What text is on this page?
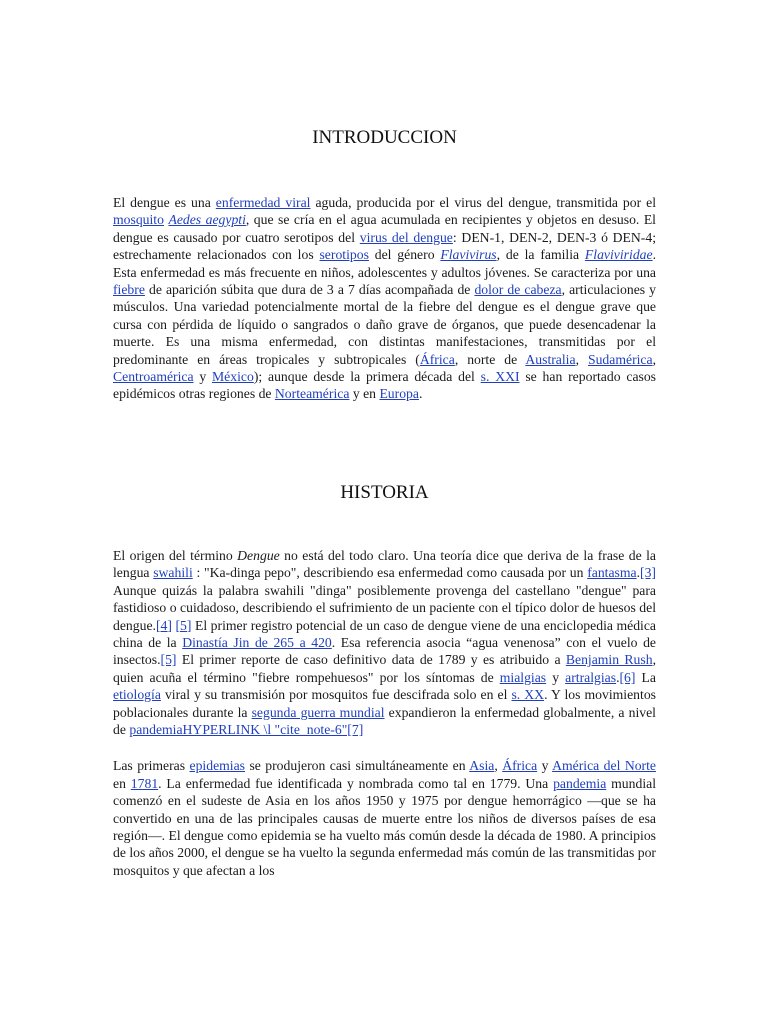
INTRODUCCION

El dengue es una enfermedad viral aguda, producida por el virus del dengue, transmitida por el mosquito Aedes aegypti, que se cría en el agua acumulada en recipientes y objetos en desuso. El dengue es causado por cuatro serotipos del virus del dengue: DEN-1, DEN-2, DEN-3 ó DEN-4; estrechamente relacionados con los serotipos del género Flavivirus, de la familia Flaviviridae. Esta enfermedad es más frecuente en niños, adolescentes y adultos jóvenes. Se caracteriza por una fiebre de aparición súbita que dura de 3 a 7 días acompañada de dolor de cabeza, articulaciones y músculos. Una variedad potencialmente mortal de la fiebre del dengue es el dengue grave que cursa con pérdida de líquido o sangrados o daño grave de órganos, que puede desencadenar la muerte. Es una misma enfermedad, con distintas manifestaciones, transmitidas por el predominante en áreas tropicales y subtropicales (África, norte de Australia, Sudamérica, Centroamérica y México); aunque desde la primera década del s. XXI se han reportado casos epidémicos otras regiones de Norteamérica y en Europa.

HISTORIA

El origen del término Dengue no está del todo claro. Una teoría dice que deriva de la frase de la lengua swahili : "Ka-dinga pepo", describiendo esa enfermedad como causada por un fantasma.[3] Aunque quizás la palabra swahili "dinga" posiblemente provenga del castellano "dengue" para fastidioso o cuidadoso, describiendo el sufrimiento de un paciente con el típico dolor de huesos del dengue.[4] [5] El primer registro potencial de un caso de dengue viene de una enciclopedia médica china de la Dinastía Jin de 265 a 420. Esa referencia asocia “agua venenosa” con el vuelo de insectos.[5] El primer reporte de caso definitivo data de 1789 y es atribuido a Benjamin Rush, quien acuña el término "fiebre rompehuesos" por los síntomas de mialgias y artralgias.[6] La etiología viral y su transmisión por mosquitos fue descifrada solo en el s. XX. Y los movimientos poblacionales durante la segunda guerra mundial expandieron la enfermedad globalmente, a nivel de pandemiaHYPERLINK \l "cite_note-6"[7]

Las primeras epidemias se produjeron casi simultáneamente en Asia, África y América del Norte en 1781. La enfermedad fue identificada y nombrada como tal en 1779. Una pandemia mundial comenzó en el sudeste de Asia en los años 1950 y 1975 por dengue hemorrágico —que se ha convertido en una de las principales causas de muerte entre los niños de diversos países de esa región—. El dengue como epidemia se ha vuelto más común desde la década de 1980. A principios de los años 2000, el dengue se ha vuelto la segunda enfermedad más común de las transmitidas por mosquitos y que afectan a los
